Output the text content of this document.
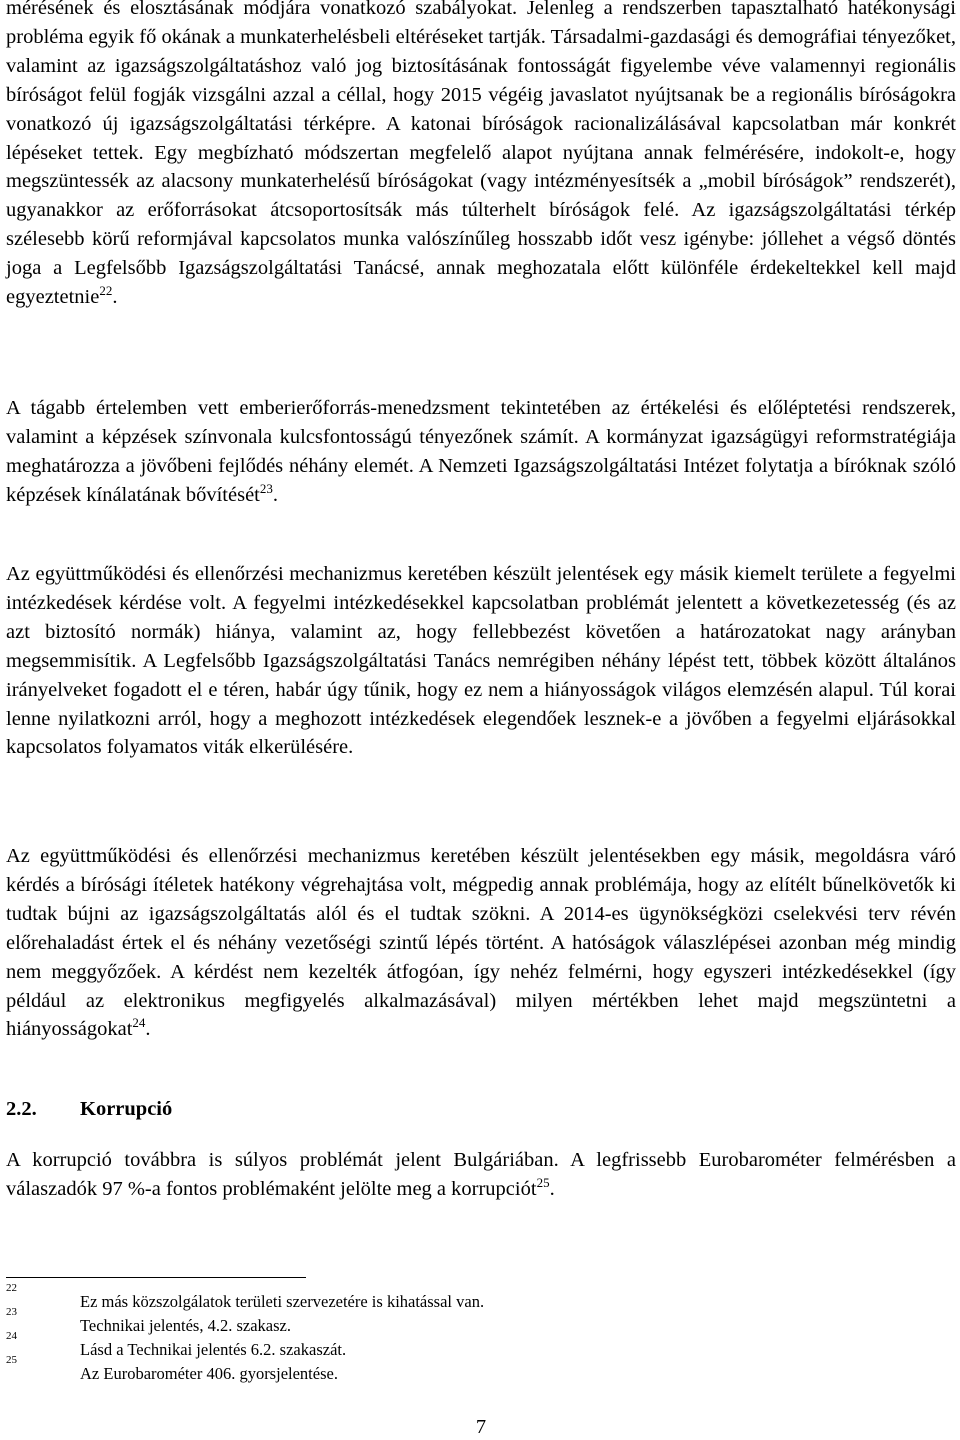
mérésének és elosztásának módjára vonatkozó szabályokat. Jelenleg a rendszerben tapasztalható hatékonysági probléma egyik fő okának a munkaterhelésbeli eltéréseket tartják. Társadalmi-gazdasági és demográfiai tényezőket, valamint az igazságszolgáltatáshoz való jog biztosításának fontosságát figyelembe véve valamennyi regionális bíróságot felül fogják vizsgálni azzal a céllal, hogy 2015 végéig javaslatot nyújtsanak be a regionális bíróságokra vonatkozó új igazságszolgáltatási térképre. A katonai bíróságok racionalizálásával kapcsolatban már konkrét lépéseket tettek. Egy megbízható módszertan megfelelő alapot nyújtana annak felmérésére, indokolt-e, hogy megszüntessék az alacsony munkaterhelésű bíróságokat (vagy intézményesítsék a „mobil bíróságok” rendszerét), ugyanakkor az erőforrásokat átcsoportosítsák más túlterhelt bíróságok felé. Az igazságszolgáltatási térkép szélesebb körű reformjával kapcsolatos munka valószínűleg hosszabb időt vesz igénybe: jóllehet a végső döntés joga a Legfelsőbb Igazságszolgáltatási Tanácsé, annak meghozatala előtt különféle érdekeltekkel kell majd egyeztetnie$^{22}$.

A tágabb értelemben vett emberierőforrás-menedzsment tekintetében az értékelési és előléptetési rendszerek, valamint a képzések színvonala kulcsfontosságú tényezőnek számít. A kormányzat igazságügyi reformstratégiája meghatározza a jövőbeni fejlődés néhány elemét. A Nemzeti Igazságszolgáltatási Intézet folytatja a bíróknak szóló képzések kínálatának bővítését$^{23}$.

Az együttműködési és ellenőrzési mechanizmus keretében készült jelentések egy másik kiemelt területe a fegyelmi intézkedések kérdése volt. A fegyelmi intézkedésekkel kapcsolatban problémát jelentett a következetesség (és az azt biztosító normák) hiánya, valamint az, hogy fellebbezést követően a határozatokat nagy arányban megsemmisítik. A Legfelsőbb Igazságszolgáltatási Tanács nemrégiben néhány lépést tett, többek között általános irányelveket fogadott el e téren, habár úgy tűnik, hogy ez nem a hiányosságok világos elemzésén alapul. Túl korai lenne nyilatkozni arról, hogy a meghozott intézkedések elegendőek lesznek-e a jövőben a fegyelmi eljárásokkal kapcsolatos folyamatos viták elkerülésére.

Az együttműködési és ellenőrzési mechanizmus keretében készült jelentésekben egy másik, megoldásra váró kérdés a bírósági ítéletek hatékony végrehajtása volt, mégpedig annak problémája, hogy az elítélt bűnelkövetők ki tudtak bújni az igazságszolgáltatás alól és el tudtak szökni. A 2014-es ügynökségközi cselekvési terv révén előrehaladást értek el és néhány vezetőségi szintű lépés történt. A hatóságok válaszlépései azonban még mindig nem meggyőzőek. A kérdést nem kezelték átfogóan, így nehéz felmérni, hogy egyszeri intézkedésekkel (így például az elektronikus megfigyelés alkalmazásával) milyen mértékben lehet majd megszüntetni a hiányosságokat$^{24}$.

2.2.	Korrupció

A korrupció továbbra is súlyos problémát jelent Bulgáriában. A legfrissebb Eurobarométer felmérésben a válaszadók 97 %-a fontos problémaként jelölte meg a korrupciót$^{25}$.

22
Ez más közszolgálatok területi szervezetére is kihatással van.
23
Technikai jelentés, 4.2. szakasz.
24
Lásd a Technikai jelentés 6.2. szakaszát.
25
Az Eurobarométer 406. gyorsjelentése.
7
